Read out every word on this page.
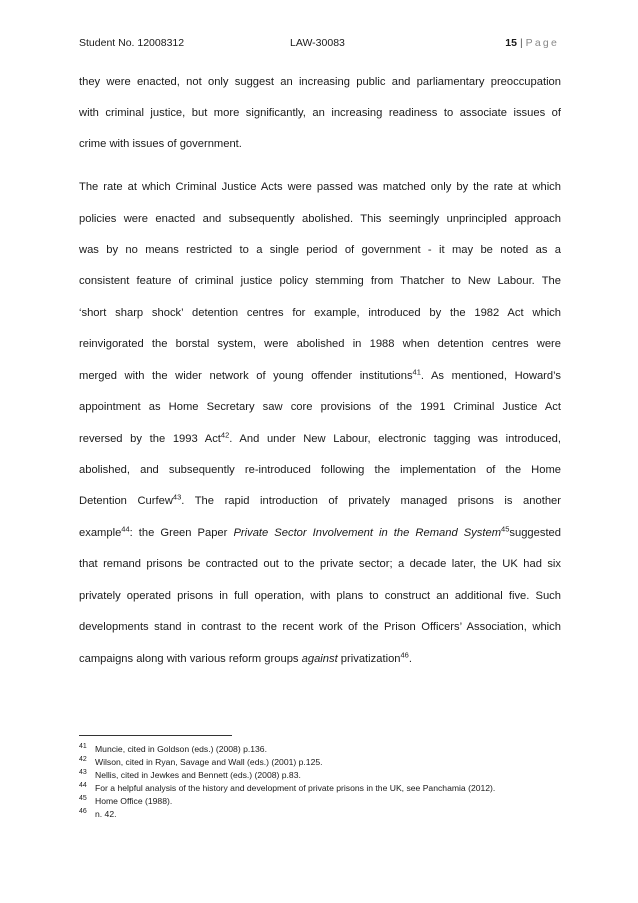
Student No. 12008312	LAW-30083	15 | Page
they were enacted, not only suggest an increasing public and parliamentary preoccupation
with criminal justice, but more significantly, an increasing readiness to associate issues of
crime with issues of government.
The rate at which Criminal Justice Acts were passed was matched only by the rate at which
policies were enacted and subsequently abolished. This seemingly unprincipled approach
was by no means restricted to a single period of government - it may be noted as a
consistent feature of criminal justice policy stemming from Thatcher to New Labour. The
‘short sharp shock’ detention centres for example, introduced by the 1982 Act which
reinvigorated the borstal system, were abolished in 1988 when detention centres were
merged with the wider network of young offender institutions$^{41}$. As mentioned, Howard’s
appointment as Home Secretary saw core provisions of the 1991 Criminal Justice Act
reversed by the 1993 Act$^{42}$. And under New Labour, electronic tagging was introduced,
abolished, and subsequently re-introduced following the implementation of the Home
Detention Curfew$^{43}$. The rapid introduction of privately managed prisons is another
example$^{44}$: the Green Paper Private Sector Involvement in the Remand System$^{45}$suggested
that remand prisons be contracted out to the private sector; a decade later, the UK had six
privately operated prisons in full operation, with plans to construct an additional five. Such
developments stand in contrast to the recent work of the Prison Officers’ Association, which
campaigns along with various reform groups against privatization$^{46}$.
41 Muncie, cited in Goldson (eds.) (2008) p.136.
42 Wilson, cited in Ryan, Savage and Wall (eds.) (2001) p.125.
43 Nellis, cited in Jewkes and Bennett (eds.) (2008) p.83.
44 For a helpful analysis of the history and development of private prisons in the UK, see Panchamia (2012).
45 Home Office (1988).
46 n. 42.
